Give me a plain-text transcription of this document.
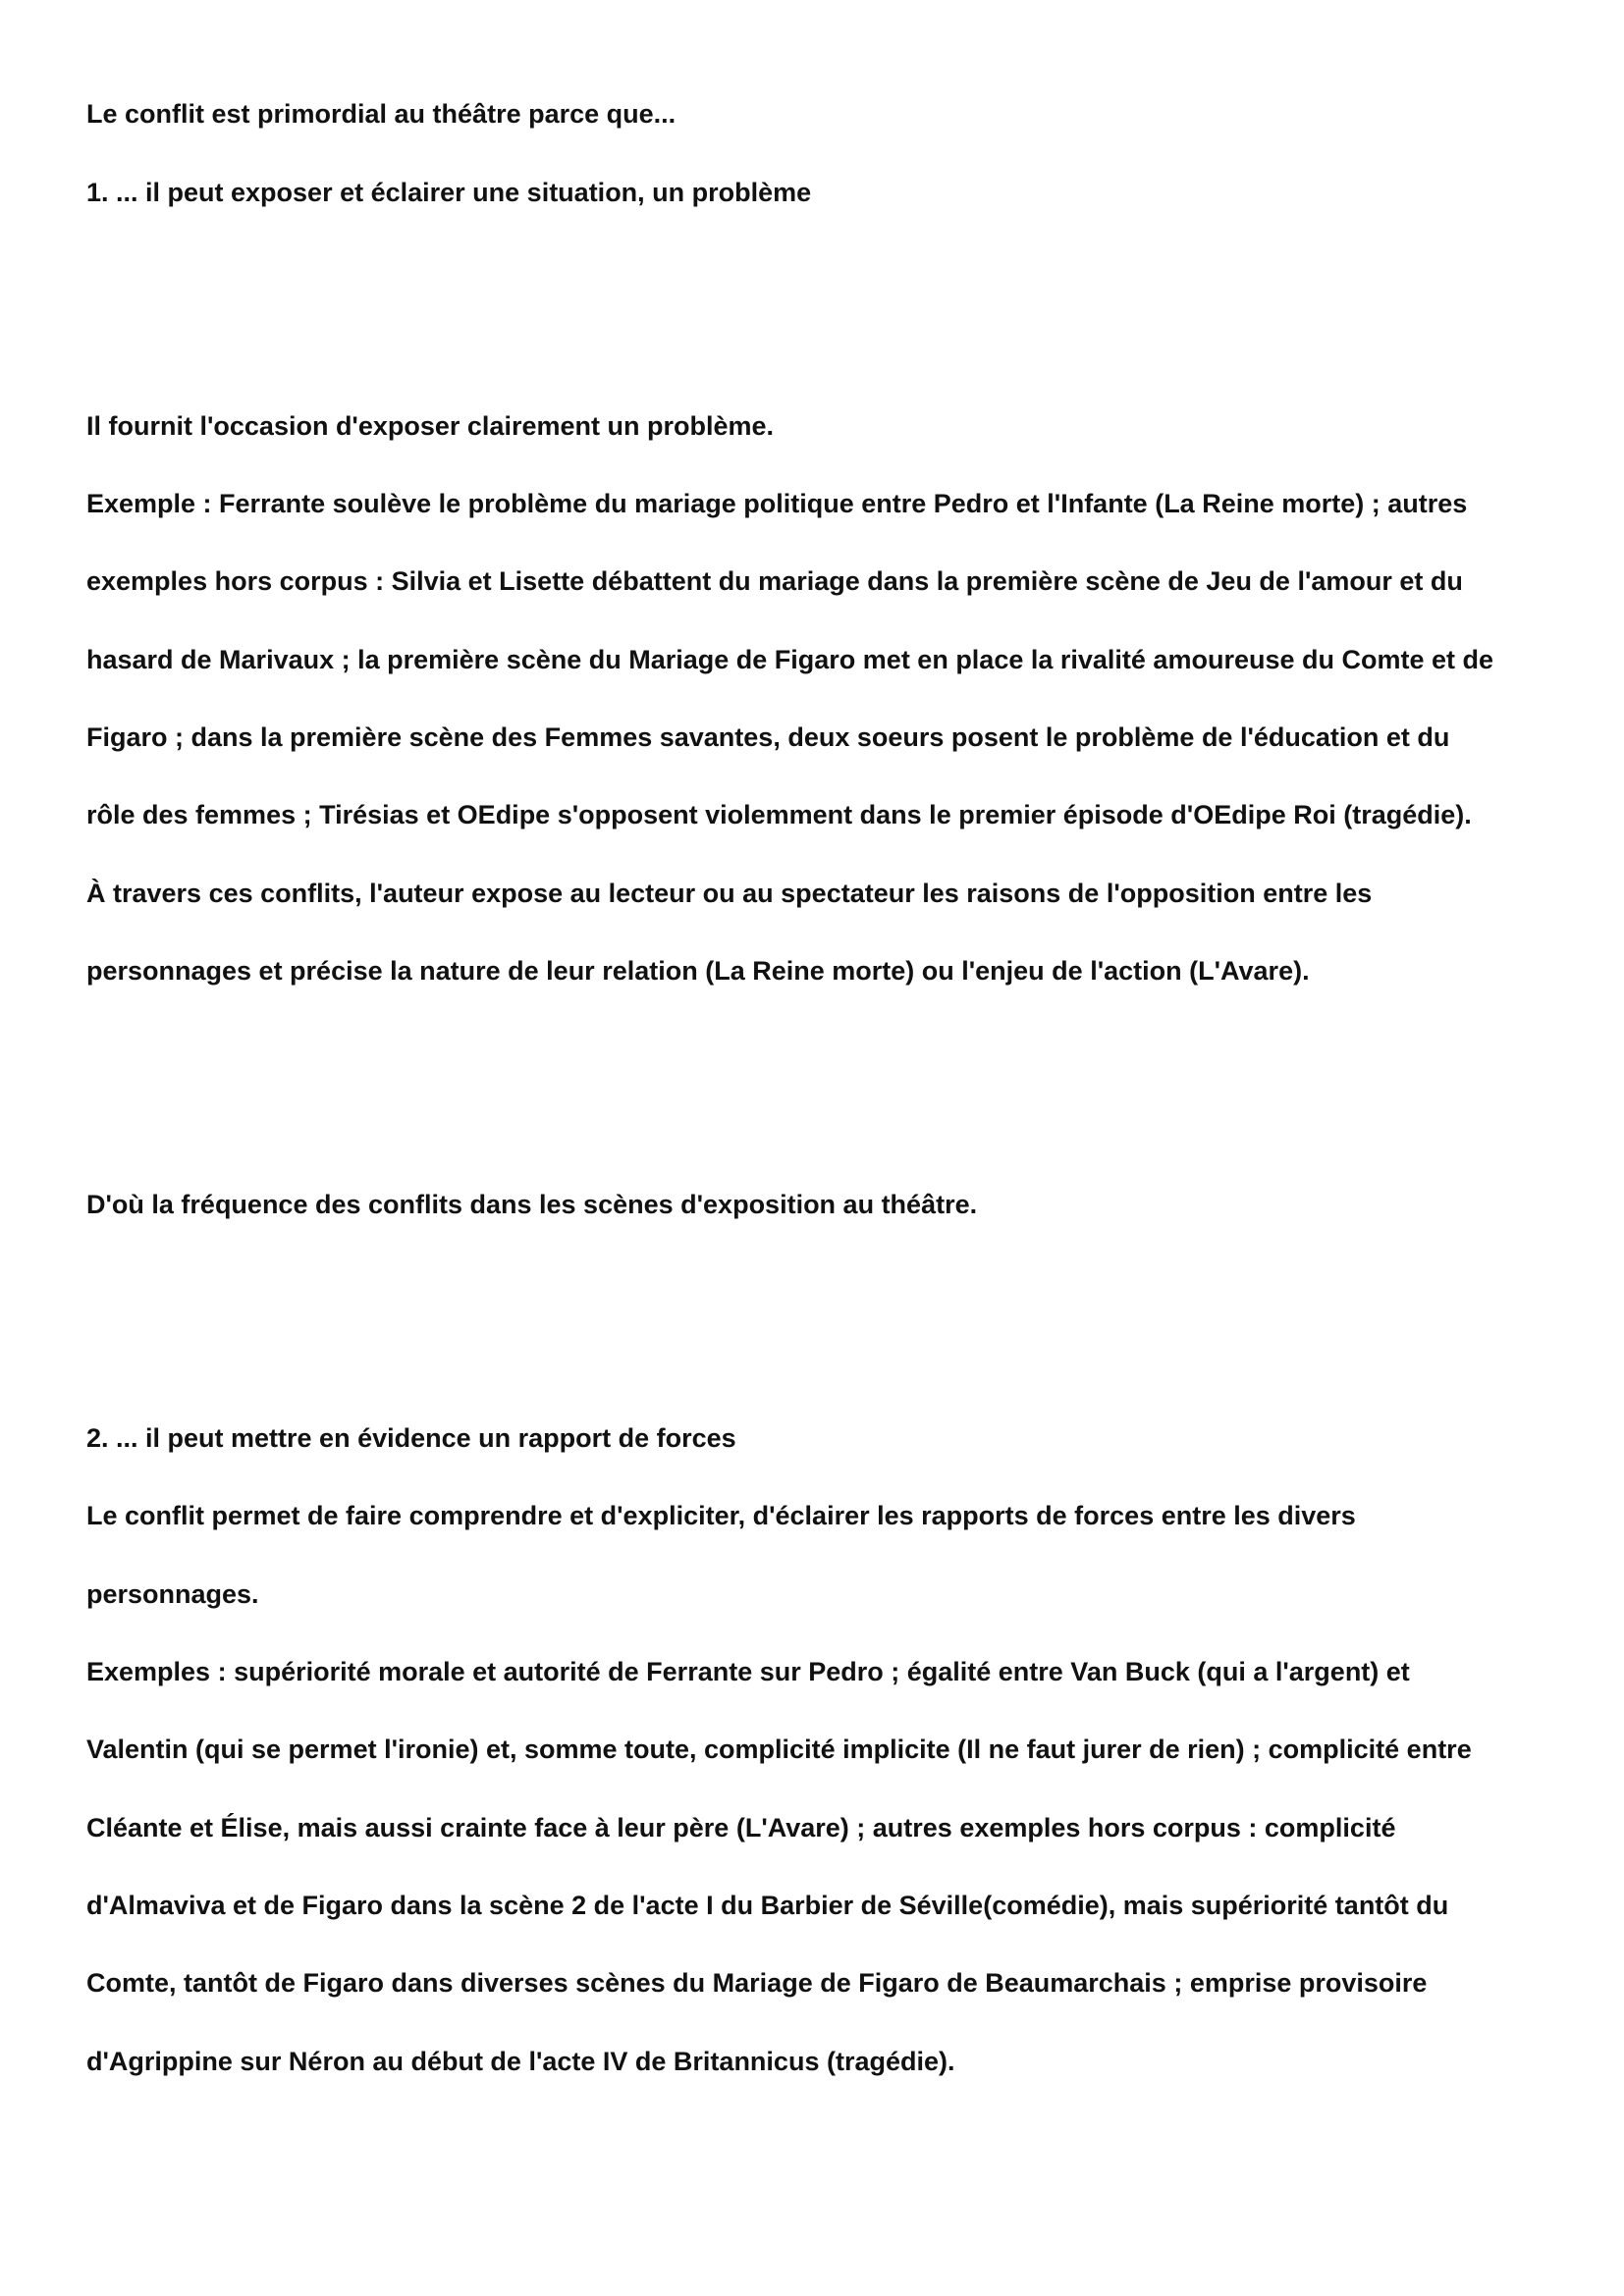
Le conflit est primordial au théâtre parce que...

1. ... il peut exposer et éclairer une situation, un problème

Il fournit l'occasion d'exposer clairement un problème.

Exemple : Ferrante soulève le problème du mariage politique entre Pedro et l'Infante (La Reine morte) ; autres

exemples hors corpus : Silvia et Lisette débattent du mariage dans la première scène de Jeu de l'amour et du

hasard de Marivaux ; la première scène du Mariage de Figaro met en place la rivalité amoureuse du Comte et de

Figaro ; dans la première scène des Femmes savantes, deux soeurs posent le problème de l'éducation et du

rôle des femmes ; Tirésias et OEdipe s'opposent violemment dans le premier épisode d'OEdipe Roi (tragédie).

À travers ces conflits, l'auteur expose au lecteur ou au spectateur les raisons de l'opposition entre les

personnages et précise la nature de leur relation (La Reine morte) ou l'enjeu de l'action (L'Avare).

D'où la fréquence des conflits dans les scènes d'exposition au théâtre.

2. ... il peut mettre en évidence un rapport de forces

Le conflit permet de faire comprendre et d'expliciter, d'éclairer les rapports de forces entre les divers

personnages.

Exemples : supériorité morale et autorité de Ferrante sur Pedro ; égalité entre Van Buck (qui a l'argent) et

Valentin (qui se permet l'ironie) et, somme toute, complicité implicite (Il ne faut jurer de rien) ; complicité entre

Cléante et Élise, mais aussi crainte face à leur père (L'Avare) ; autres exemples hors corpus : complicité

d'Almaviva et de Figaro dans la scène 2 de l'acte I du Barbier de Séville(comédie), mais supériorité tantôt du

Comte, tantôt de Figaro dans diverses scènes du Mariage de Figaro de Beaumarchais ; emprise provisoire

d'Agrippine sur Néron au début de l'acte IV de Britannicus (tragédie).
